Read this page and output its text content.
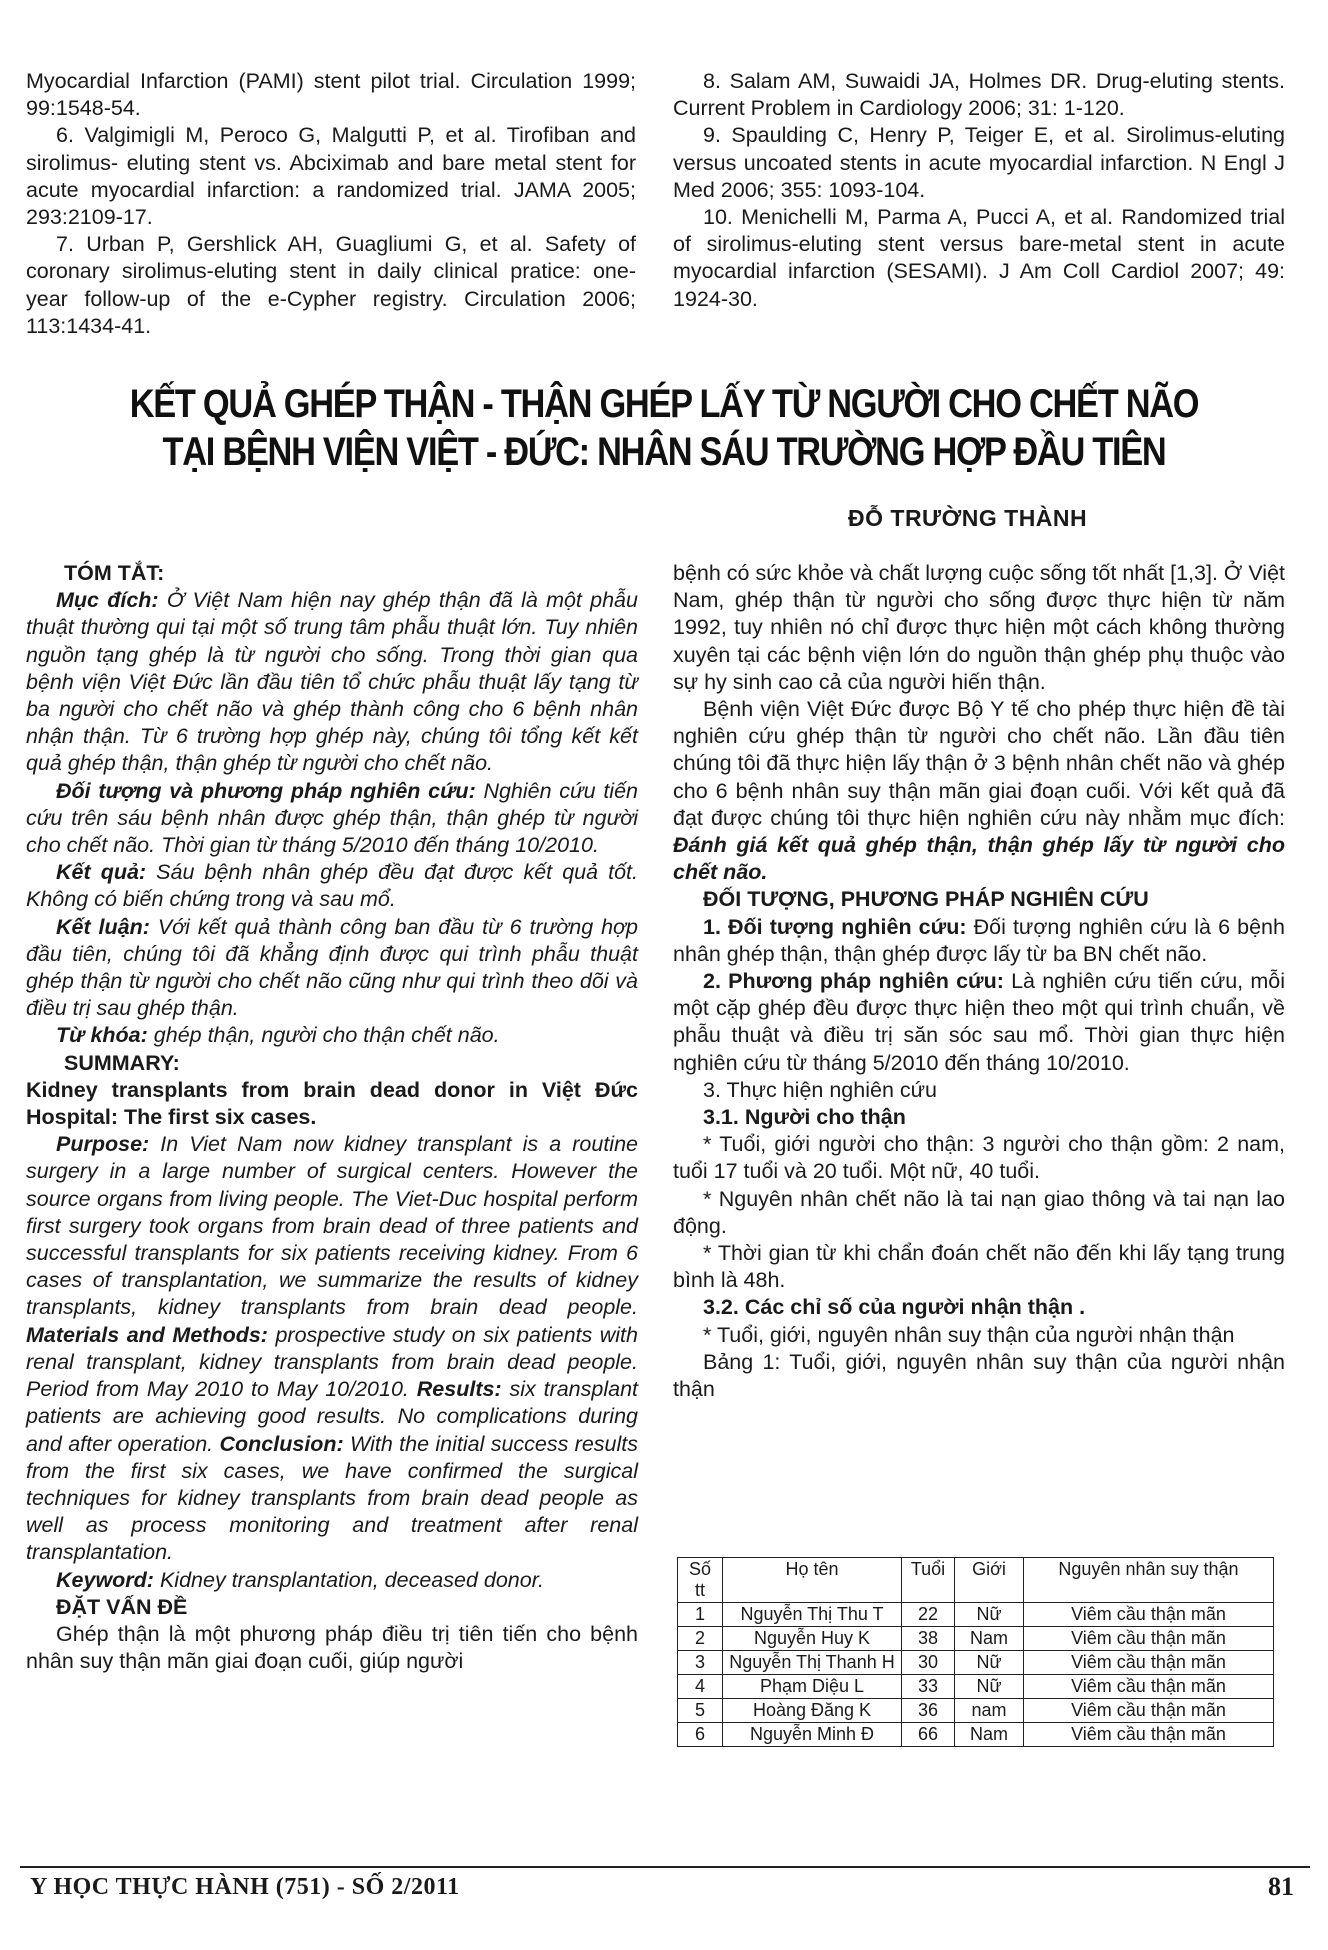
Myocardial Infarction (PAMI) stent pilot trial. Circulation 1999; 99:1548-54.

6. Valgimigli M, Peroco G, Malgutti P, et al. Tirofiban and sirolimus- eluting stent vs. Abciximab and bare metal stent for acute myocardial infarction: a randomized trial. JAMA 2005; 293:2109-17.

7. Urban P, Gershlick AH, Guagliumi G, et al. Safety of coronary sirolimus-eluting stent in daily clinical pratice: one- year follow-up of the e-Cypher registry. Circulation 2006; 113:1434-41.

8. Salam AM, Suwaidi JA, Holmes DR. Drug-eluting stents. Current Problem in Cardiology 2006; 31: 1-120.

9. Spaulding C, Henry P, Teiger E, et al. Sirolimus-eluting versus uncoated stents in acute myocardial infarction. N Engl J Med 2006; 355: 1093-104.

10. Menichelli M, Parma A, Pucci A, et al. Randomized trial of sirolimus-eluting stent versus bare-metal stent in acute myocardial infarction (SESAMI). J Am Coll Cardiol 2007; 49: 1924-30.

KẾT QUẢ GHÉP THẬN - THẬN GHÉP LẤY TỪ NGƯỜI CHO CHẾT NÃO
TẠI BỆNH VIỆN VIỆT - ĐỨC: NHÂN SÁU TRƯỜNG HỢP ĐẦU TIÊN
ĐỖ TRƯỜNG THÀNH

TÓM TẮT:

Mục đích: Ở Việt Nam hiện nay ghép thận đã là một phẫu thuật thường qui tại một số trung tâm phẫu thuật lớn. Tuy nhiên nguồn tạng ghép là từ người cho sống. Trong thời gian qua bệnh viện Việt Đức lần đầu tiên tổ chức phẫu thuật lấy tạng từ ba người cho chết não và ghép thành công cho 6 bệnh nhân nhận thận. Từ 6 trường hợp ghép này, chúng tôi tổng kết kết quả ghép thận, thận ghép từ người cho chết não.

Đối tượng và phương pháp nghiên cứu: Nghiên cứu tiến cứu trên sáu bệnh nhân được ghép thận, thận ghép từ người cho chết não. Thời gian từ tháng 5/2010 đến tháng 10/2010.

Kết quả: Sáu bệnh nhân ghép đều đạt được kết quả tốt. Không có biến chứng trong và sau mổ.

Kết luận: Với kết quả thành công ban đầu từ 6 trường hợp đầu tiên, chúng tôi đã khẳng định được qui trình phẫu thuật ghép thận từ người cho chết não cũng như qui trình theo dõi và điều trị sau ghép thận.

Từ khóa: ghép thận, người cho thận chết não.

SUMMARY:

Kidney transplants from brain dead donor in Việt Đức Hospital: The first six cases.

Purpose: In Viet Nam now kidney transplant is a routine surgery in a large number of surgical centers. However the source organs from living people. The Viet-Duc hospital perform first surgery took organs from brain dead of three patients and successful transplants for six patients receiving kidney. From 6 cases of transplantation, we summarize the results of kidney transplants, kidney transplants from brain dead people. Materials and Methods: prospective study on six patients with renal transplant, kidney transplants from brain dead people. Period from May 2010 to May 10/2010. Results: six transplant patients are achieving good results. No complications during and after operation. Conclusion: With the initial success results from the first six cases, we have confirmed the surgical techniques for kidney transplants from brain dead people as well as process monitoring and treatment after renal transplantation.

Keyword: Kidney transplantation, deceased donor.

ĐẶT VẤN ĐỀ

Ghép thận là một phương pháp điều trị tiên tiến cho bệnh nhân suy thận mãn giai đoạn cuối, giúp người

bệnh có sức khỏe và chất lượng cuộc sống tốt nhất [1,3]. Ở Việt Nam, ghép thận từ người cho sống được thực hiện từ năm 1992, tuy nhiên nó chỉ được thực hiện một cách không thường xuyên tại các bệnh viện lớn do nguồn thận ghép phụ thuộc vào sự hy sinh cao cả của người hiến thận.

Bệnh viện Việt Đức được Bộ Y tế cho phép thực hiện đề tài nghiên cứu ghép thận từ người cho chết não. Lần đầu tiên chúng tôi đã thực hiện lấy thận ở 3 bệnh nhân chết não và ghép cho 6 bệnh nhân suy thận mãn giai đoạn cuối. Với kết quả đã đạt được chúng tôi thực hiện nghiên cứu này nhằm mục đích: Đánh giá kết quả ghép thận, thận ghép lấy từ người cho chết não.

ĐỐI TƯỢNG, PHƯƠNG PHÁP NGHIÊN CỨU

1. Đối tượng nghiên cứu: Đối tượng nghiên cứu là 6 bệnh nhân ghép thận, thận ghép được lấy từ ba BN chết não.

2. Phương pháp nghiên cứu: Là nghiên cứu tiến cứu, mỗi một cặp ghép đều được thực hiện theo một qui trình chuẩn, về phẫu thuật và điều trị săn sóc sau mổ. Thời gian thực hiện nghiên cứu từ tháng 5/2010 đến tháng 10/2010.

3. Thực hiện nghiên cứu

3.1. Người cho thận

* Tuổi, giới người cho thận: 3 người cho thận gồm: 2 nam, tuổi 17 tuổi và 20 tuổi. Một nữ, 40 tuổi.

* Nguyên nhân chết não là tai nạn giao thông và tai nạn lao động.

* Thời gian từ khi chẩn đoán chết não đến khi lấy tạng trung bình là 48h.

3.2. Các chỉ số của người nhận thận .

* Tuổi, giới, nguyên nhân suy thận của người nhận thận

Bảng 1: Tuổi, giới, nguyên nhân suy thận của người nhận thận

Số tt	Họ tên	Tuổi	Giới	Nguyên nhân suy thận
1	Nguyễn Thị Thu T	22	Nữ	Viêm cầu thận mãn
2	Nguyễn Huy K	38	Nam	Viêm cầu thận mãn
3	Nguyễn Thị Thanh H	30	Nữ	Viêm cầu thận mãn
4	Phạm Diệu L	33	Nữ	Viêm cầu thận mãn
5	Hoàng Đăng K	36	nam	Viêm cầu thận mãn
6	Nguyễn Minh Đ	66	Nam	Viêm cầu thận mãn
Y HỌC THỰC HÀNH (751) - SỐ 2/2011	81
